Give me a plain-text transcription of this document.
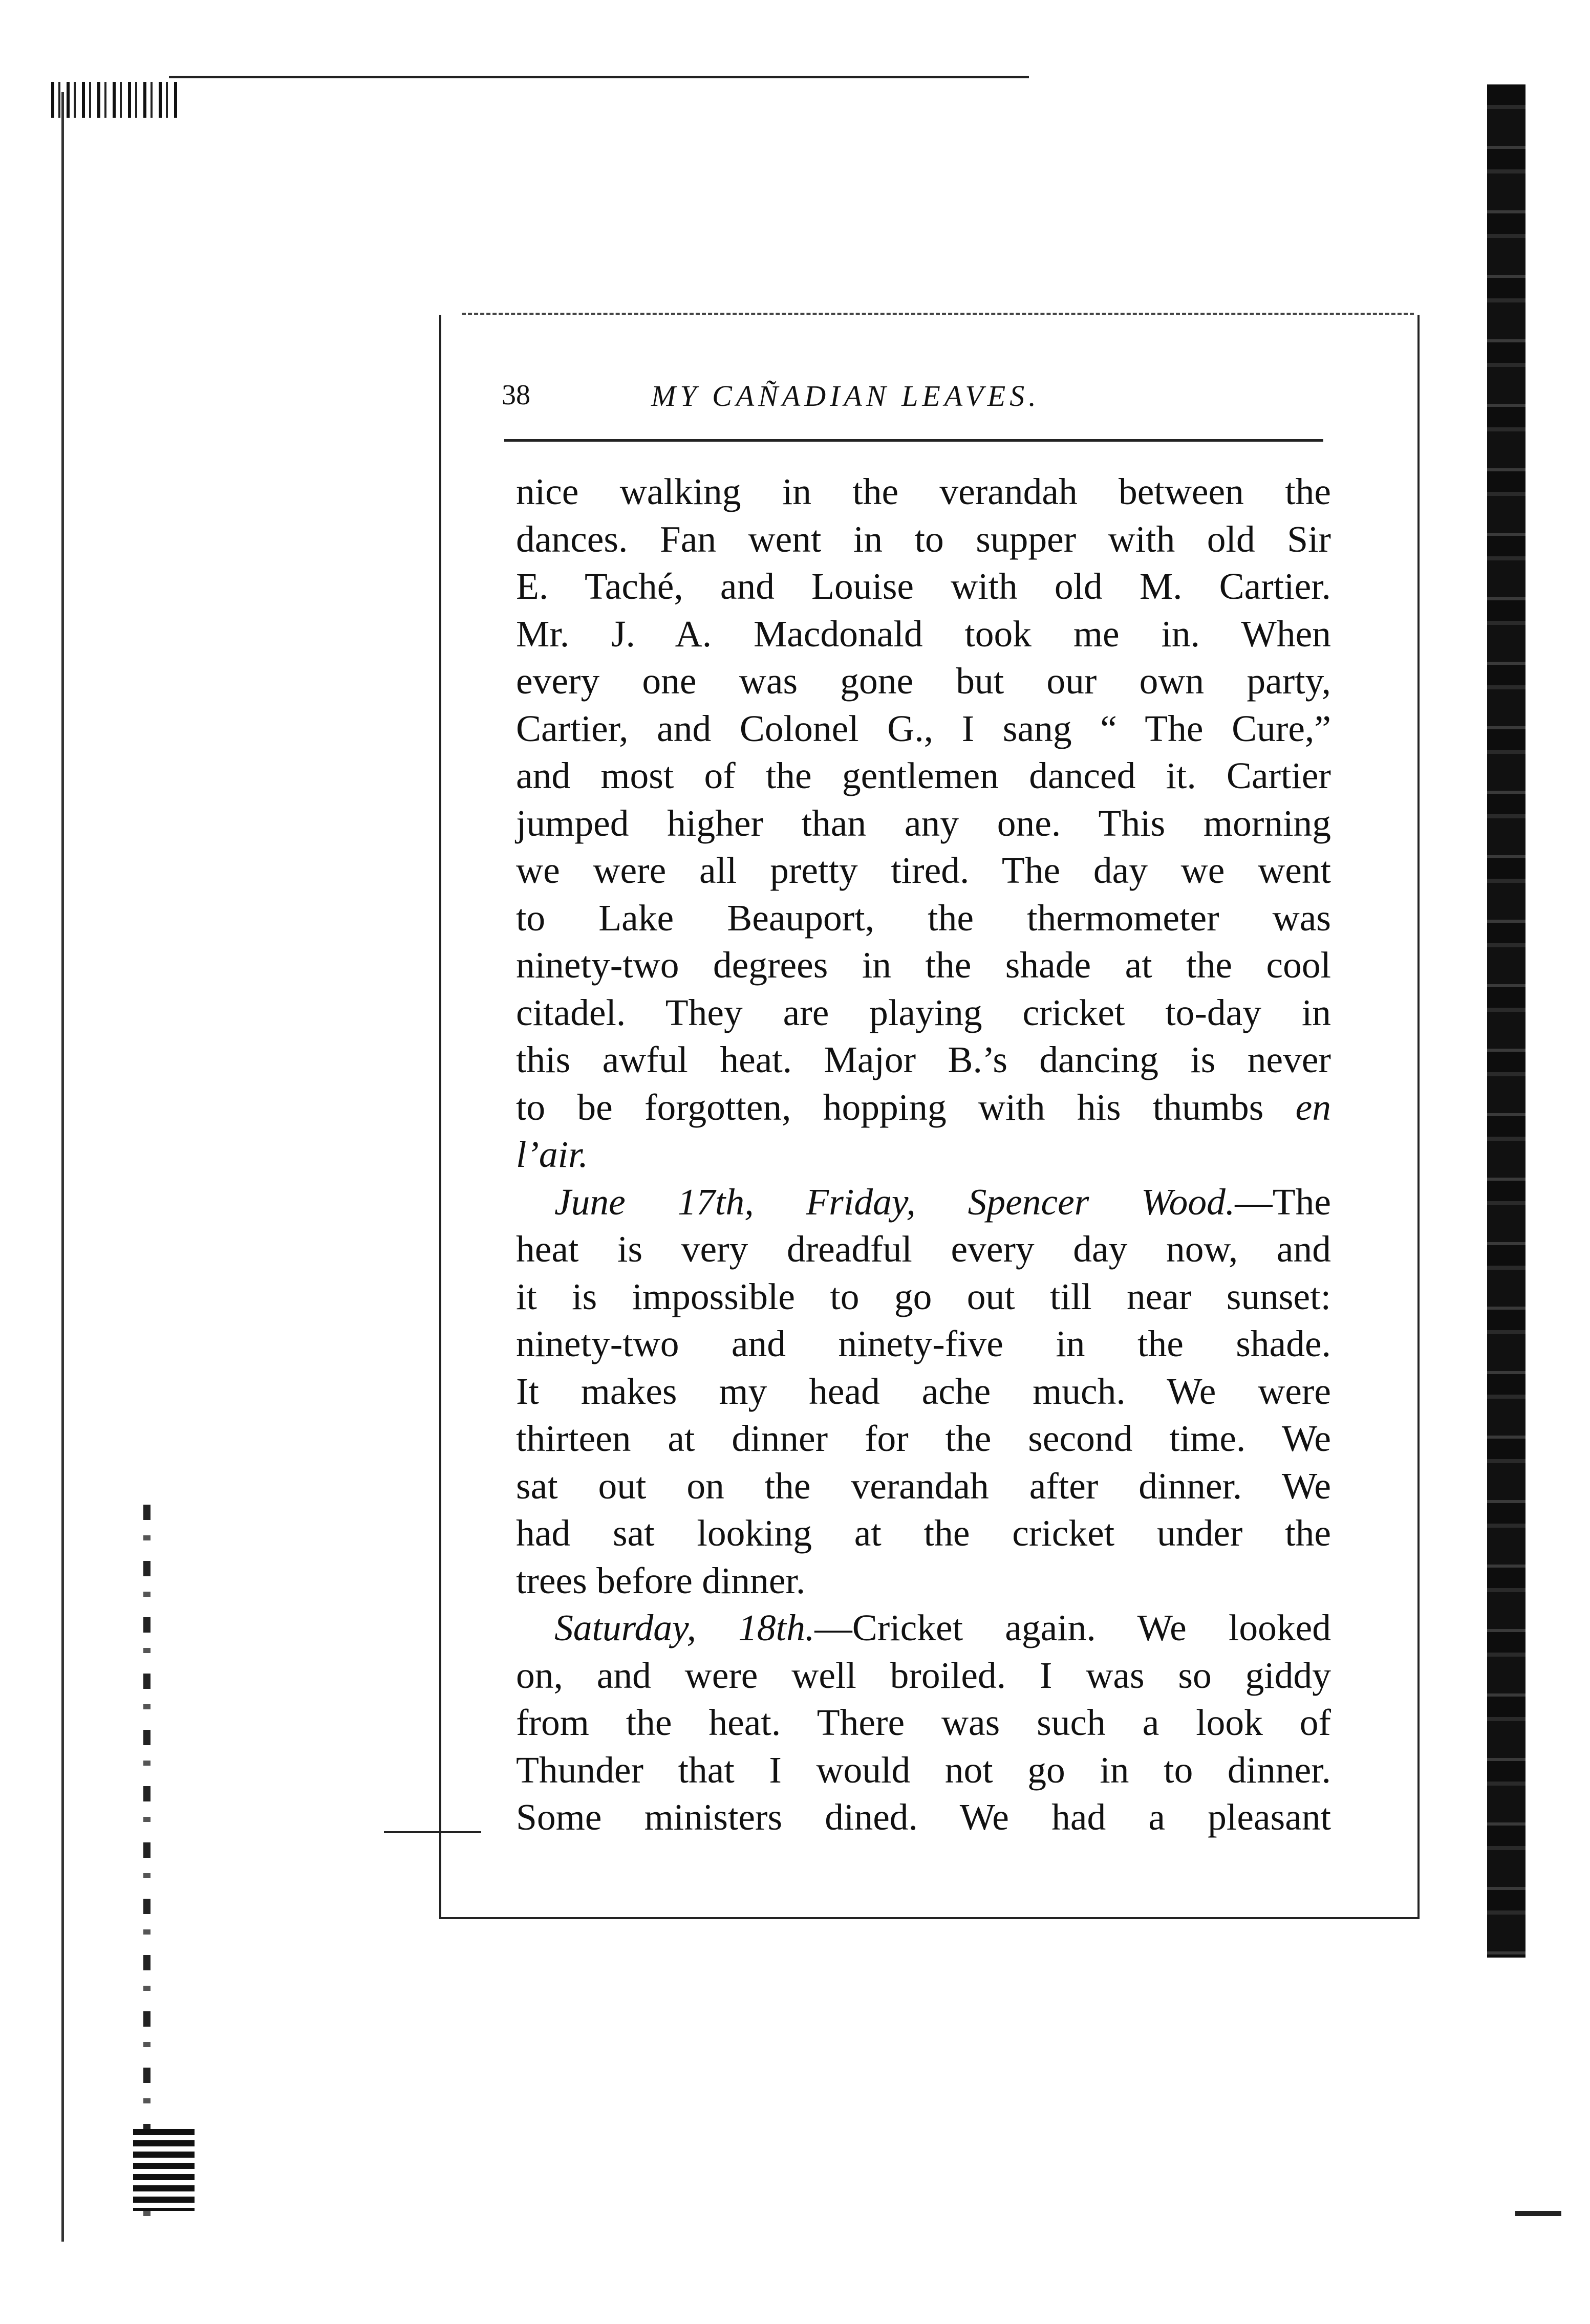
38	MY CAÑADIAN LEAVES.
nice walking in the verandah between the
dances. Fan went in to supper with old Sir
E. Taché, and Louise with old M. Cartier.
Mr. J. A. Macdonald took me in. When
every one was gone but our own party,
Cartier, and Colonel G., I sang “ The Cure,”
and most of the gentlemen danced it. Cartier
jumped higher than any one. This morning
we were all pretty tired. The day we went
to Lake Beauport, the thermometer was
ninety-two degrees in the shade at the cool
citadel. They are playing cricket to-day in
this awful heat. Major B.’s dancing is never
to be forgotten, hopping with his thumbs en
l’air.
June 17th, Friday, Spencer Wood.—The
heat is very dreadful every day now, and
it is impossible to go out till near sunset:
ninety-two and ninety-five in the shade.
It makes my head ache much. We were
thirteen at dinner for the second time. We
sat out on the verandah after dinner. We
had sat looking at the cricket under the
trees before dinner.
Saturday, 18th.—Cricket again. We looked
on, and were well broiled. I was so giddy
from the heat. There was such a look of
Thunder that I would not go in to dinner.
Some ministers dined. We had a pleasant
